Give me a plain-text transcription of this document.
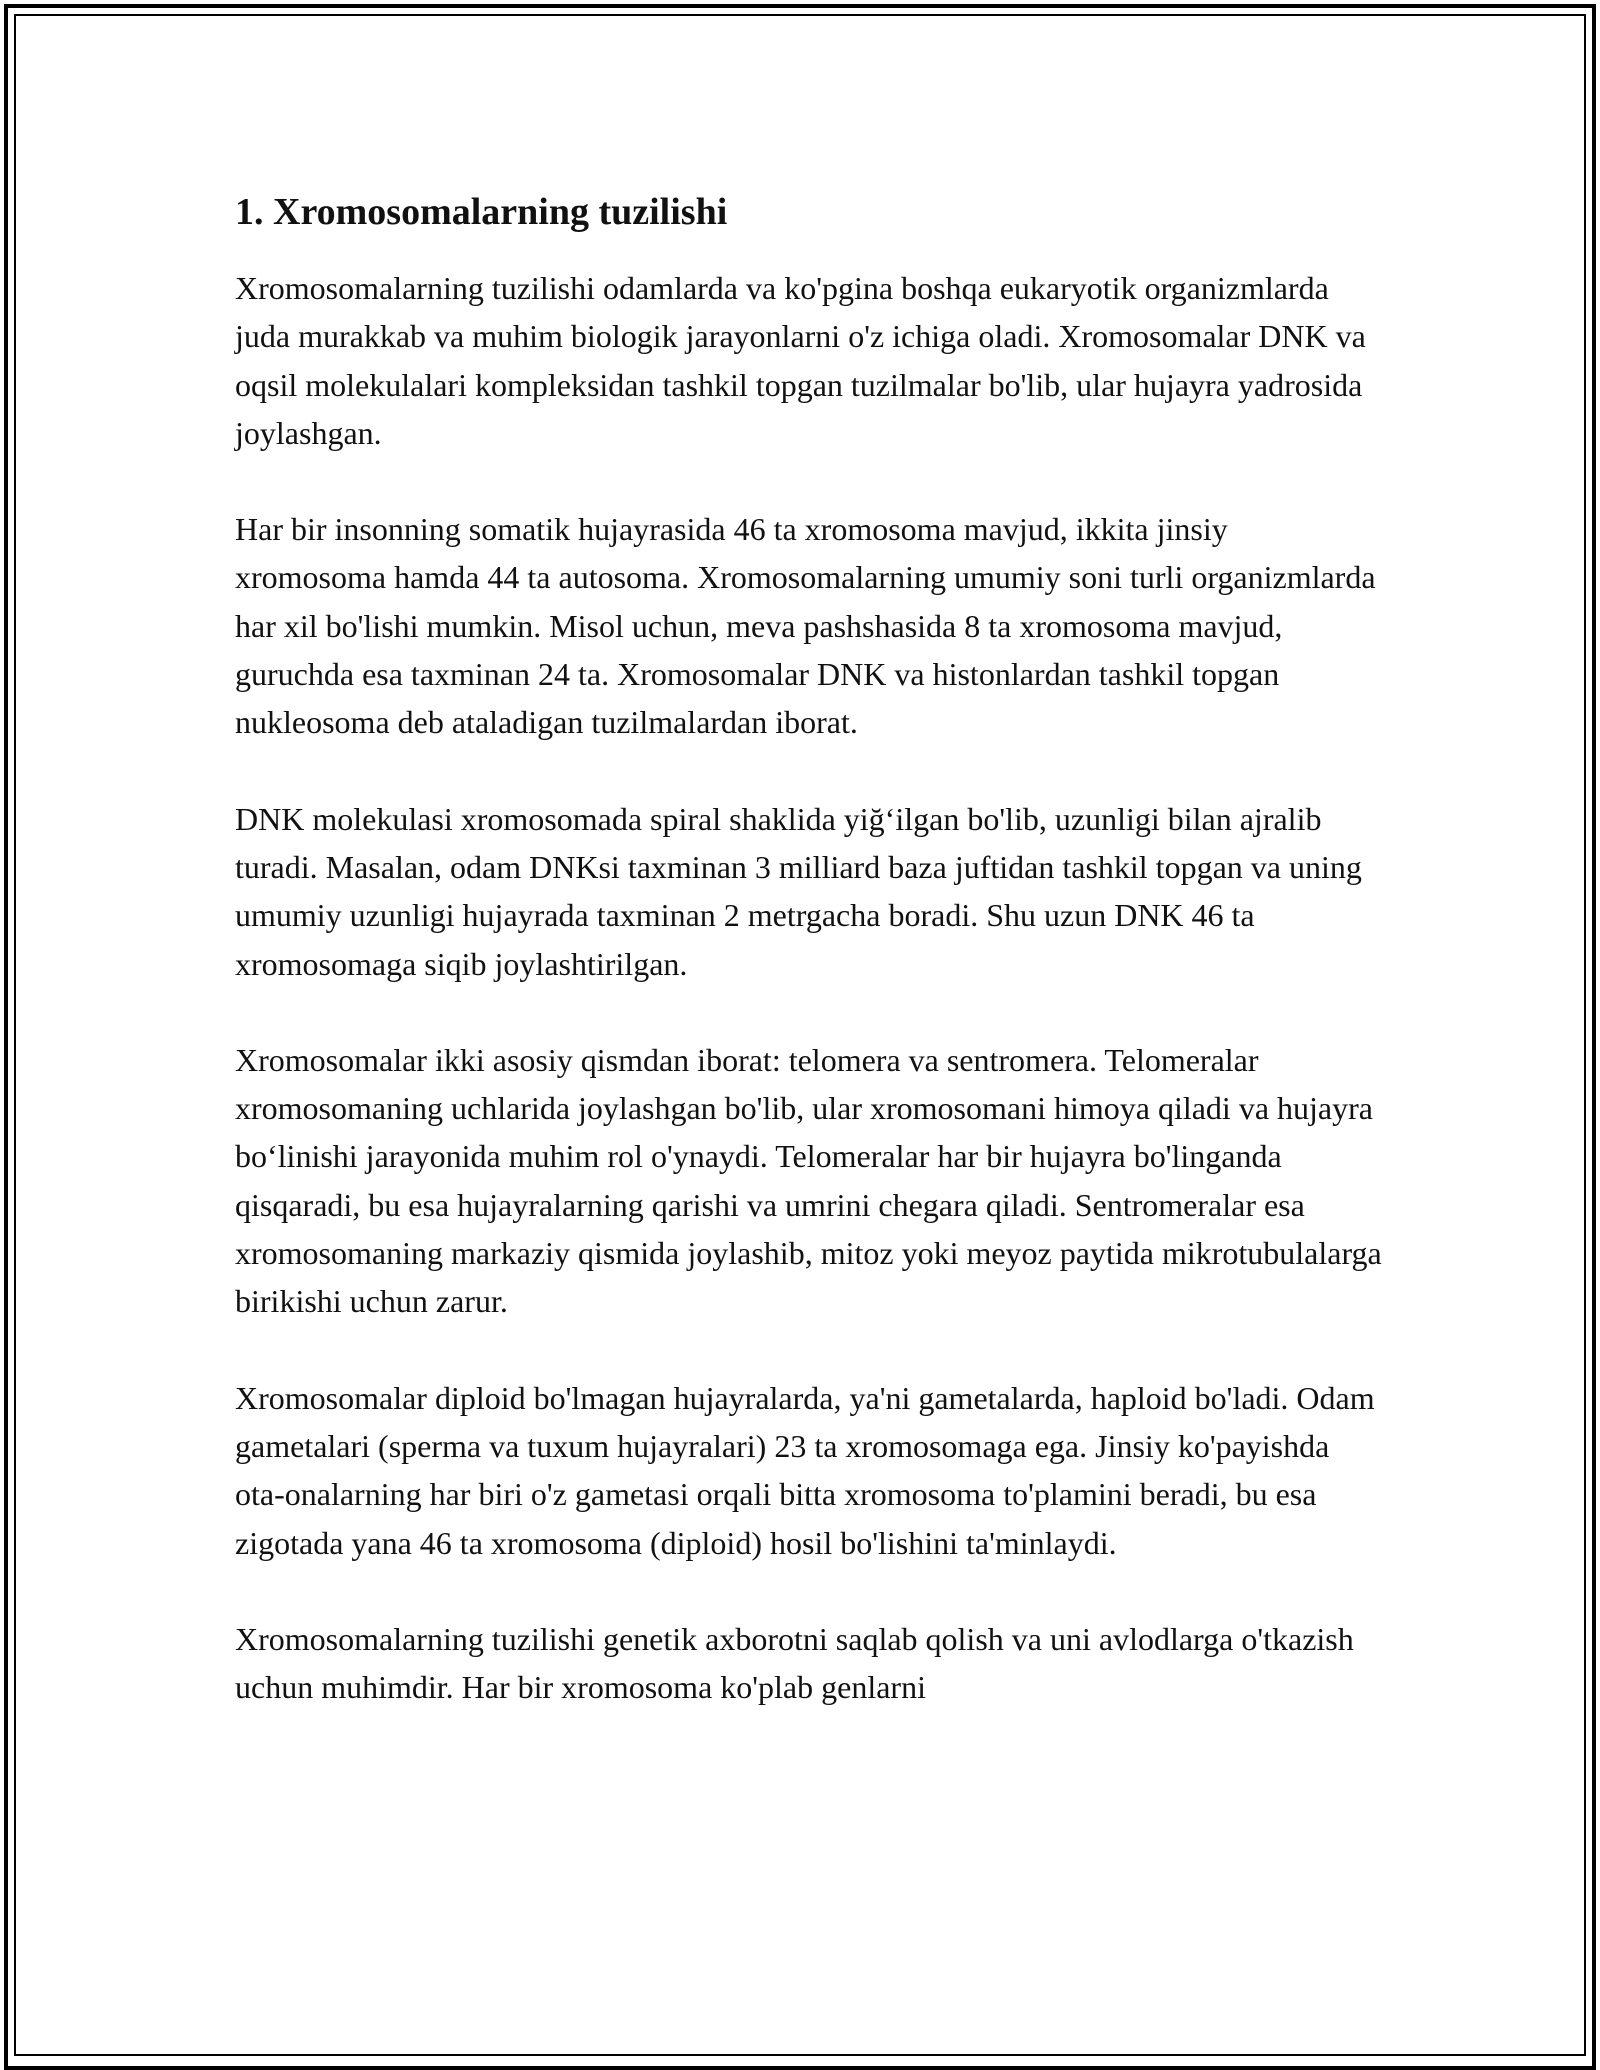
1. Xromosomalarning tuzilishi

Xromosomalarning tuzilishi odamlarda va ko'pgina boshqa eukaryotik organizmlarda juda murakkab va muhim biologik jarayonlarni o'z ichiga oladi. Xromosomalar DNK va oqsil molekulalari kompleksidan tashkil topgan tuzilmalar bo'lib, ular hujayra yadrosida joylashgan.

Har bir insonning somatik hujayrasida 46 ta xromosoma mavjud, ikkita jinsiy xromosoma hamda 44 ta autosoma. Xromosomalarning umumiy soni turli organizmlarda har xil bo'lishi mumkin. Misol uchun, meva pashshasida 8 ta xromosoma mavjud, guruchda esa taxminan 24 ta. Xromosomalar DNK va histonlardan tashkil topgan nukleosoma deb ataladigan tuzilmalardan iborat.

DNK molekulasi xromosomada spiral shaklida yiğ‘ilgan bo'lib, uzunligi bilan ajralib turadi. Masalan, odam DNKsi taxminan 3 milliard baza juftidan tashkil topgan va uning umumiy uzunligi hujayrada taxminan 2 metrgacha boradi. Shu uzun DNK 46 ta xromosomaga siqib joylashtirilgan.

Xromosomalar ikki asosiy qismdan iborat: telomera va sentromera. Telomeralar xromosomaning uchlarida joylashgan bo'lib, ular xromosomani himoya qiladi va hujayra bo‘linishi jarayonida muhim rol o'ynaydi. Telomeralar har bir hujayra bo'linganda qisqaradi, bu esa hujayralarning qarishi va umrini chegara qiladi. Sentromeralar esa xromosomaning markaziy qismida joylashib, mitoz yoki meyoz paytida mikrotubulalarga birikishi uchun zarur.

Xromosomalar diploid bo'lmagan hujayralarda, ya'ni gametalarda, haploid bo'ladi. Odam gametalari (sperma va tuxum hujayralari) 23 ta xromosomaga ega. Jinsiy ko'payishda ota-onalarning har biri o'z gametasi orqali bitta xromosoma to'plamini beradi, bu esa zigotada yana 46 ta xromosoma (diploid) hosil bo'lishini ta'minlaydi.

Xromosomalarning tuzilishi genetik axborotni saqlab qolish va uni avlodlarga o'tkazish uchun muhimdir. Har bir xromosoma ko'plab genlarni
